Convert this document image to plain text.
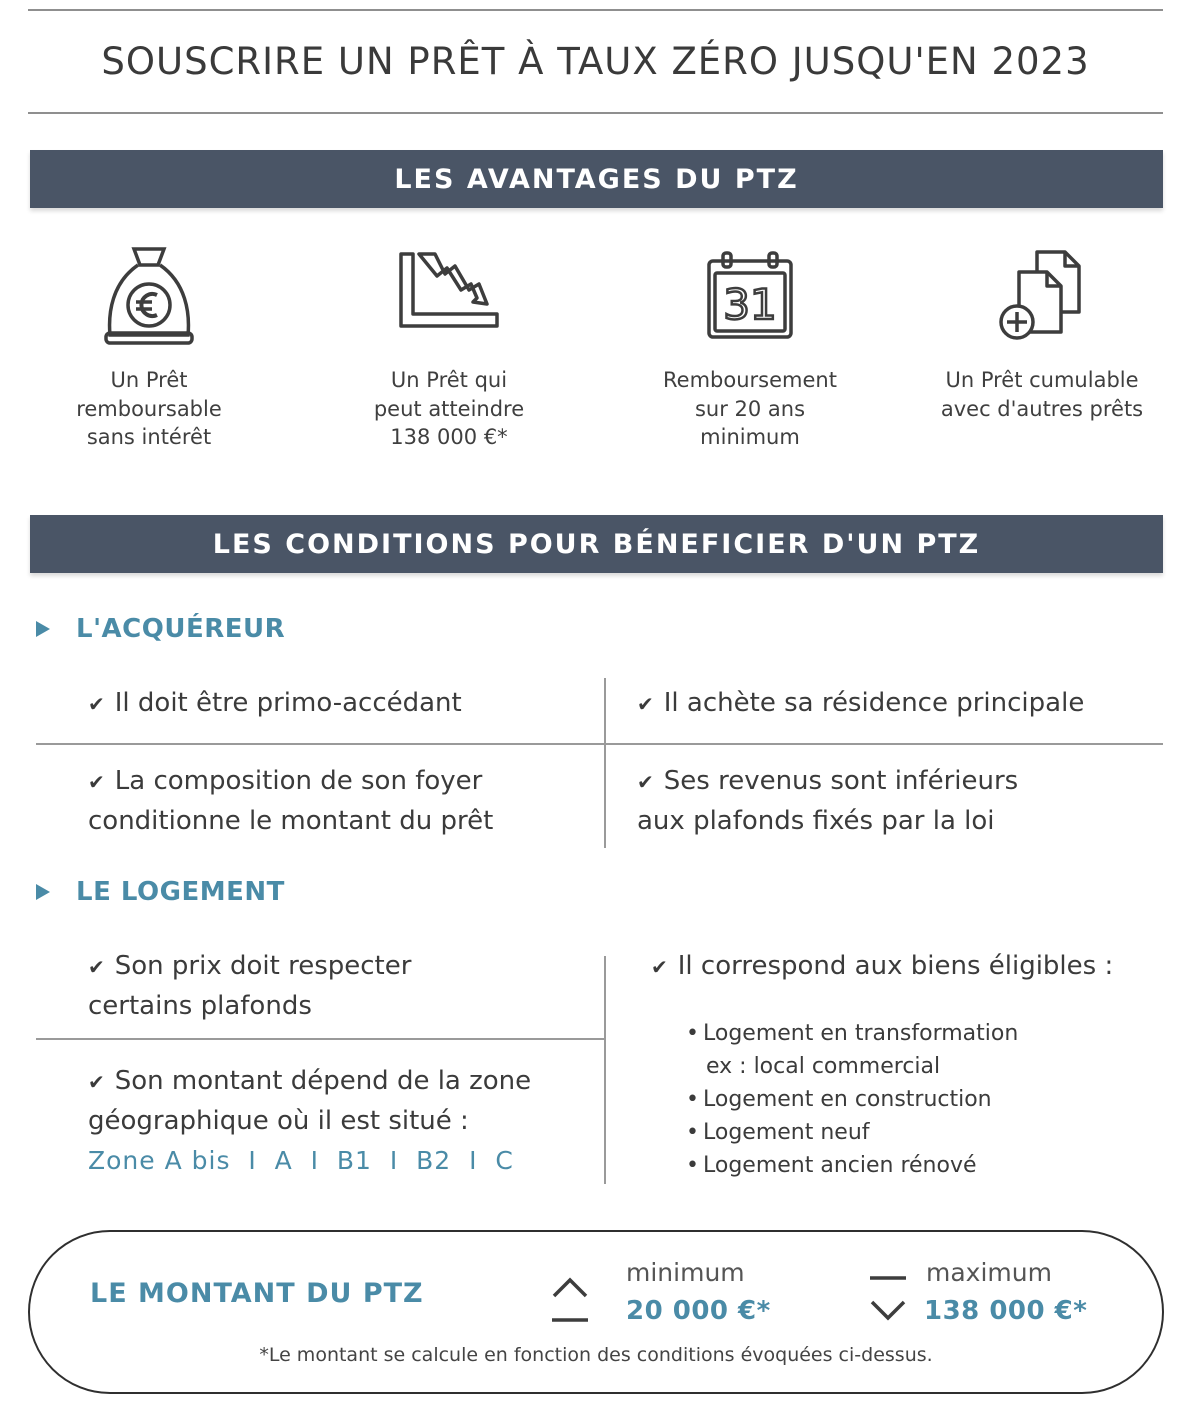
SOUSCRIRE UN PRÊT À TAUX ZÉRO JUSQU'EN 2023
LES AVANTAGES DU PTZ
Un Prêt
remboursable
sans intérêt
Un Prêt qui
peut atteindre
138 000 €*
31
Remboursement
sur 20 ans
minimum
Un Prêt cumulable
avec d'autres prêts
LES CONDITIONS POUR BÉNEFICIER D'UN PTZ
L'ACQUÉREUR
✔ Il doit être primo-accédant	✔ Il achète sa résidence principale
✔ La composition de son foyer
conditionne le montant du prêt
✔ Ses revenus sont inférieurs
aux plafonds fixés par la loi
LE LOGEMENT
✔ Son prix doit respecter
certains plafonds
✔ Son montant dépend de la zone
géographique où il est situé :
Zone A bis  I  A  I  B1  I  B2  I  C
✔ Il correspond aux biens éligibles :
• Logement en transformation
ex : local commercial
• Logement en construction
• Logement neuf
• Logement ancien rénové
LE MONTANT DU PTZ
minimum
20 000 €*
maximum
138 000 €*
*Le montant se calcule en fonction des conditions évoquées ci-dessus.
